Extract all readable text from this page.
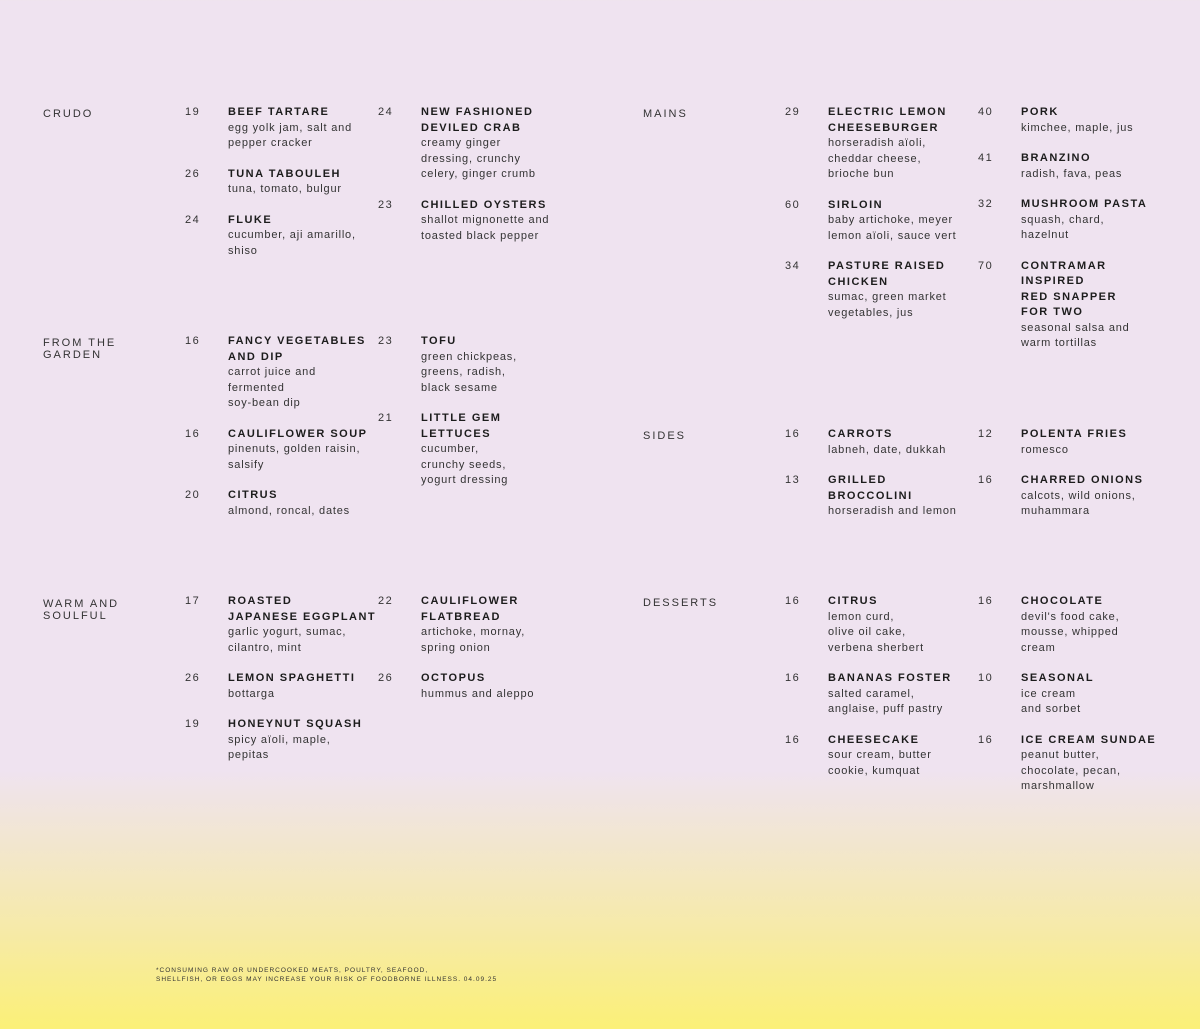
CRUDO
FROM THE
GARDEN
WARM AND
SOULFUL
MAINS
SIDES
DESSERTS
19	BEEF TARTARE
egg yolk jam, salt and
pepper cracker
26	TUNA TABOULEH
tuna, tomato, bulgur
24	FLUKE
cucumber, aji amarillo,
shiso
24	NEW FASHIONED
DEVILED CRAB
creamy ginger
dressing, crunchy
celery, ginger crumb
23	CHILLED OYSTERS
shallot mignonette and
toasted black pepper
16	FANCY VEGETABLES
AND DIP
carrot juice and
fermented
soy-bean dip
16	CAULIFLOWER SOUP
pinenuts, golden raisin,
salsify
20	CITRUS
almond, roncal, dates
23	TOFU
green chickpeas,
greens, radish,
black sesame
21	LITTLE GEM
LETTUCES
cucumber,
crunchy seeds,
yogurt dressing
17	ROASTED
JAPANESE EGGPLANT
garlic yogurt, sumac,
cilantro, mint
26	LEMON SPAGHETTI
bottarga
19	HONEYNUT SQUASH
spicy aïoli, maple,
pepitas
22	CAULIFLOWER
FLATBREAD
artichoke, mornay,
spring onion
26	OCTOPUS
hummus and aleppo
29	ELECTRIC LEMON
CHEESEBURGER
horseradish aïoli,
cheddar cheese,
brioche bun
60	SIRLOIN
baby artichoke, meyer
lemon aïoli, sauce vert
34	PASTURE RAISED
CHICKEN
sumac, green market
vegetables, jus
40	PORK
kimchee, maple, jus
41	BRANZINO
radish, fava, peas
32	MUSHROOM PASTA
squash, chard,
hazelnut
70	CONTRAMAR
INSPIRED
RED SNAPPER
FOR TWO
seasonal salsa and
warm tortillas
16	CARROTS
labneh, date, dukkah
13	GRILLED
BROCCOLINI
horseradish and lemon
12	POLENTA FRIES
romesco
16	CHARRED ONIONS
calcots, wild onions,
muhammara
16	CITRUS
lemon curd,
olive oil cake,
verbena sherbert
16	BANANAS FOSTER
salted caramel,
anglaise, puff pastry
16	CHEESECAKE
sour cream, butter
cookie, kumquat
16	CHOCOLATE
devil's food cake,
mousse, whipped
cream
10	SEASONAL
ice cream
and sorbet
16	ICE CREAM SUNDAE
peanut butter,
chocolate, pecan,
marshmallow
*CONSUMING RAW OR UNDERCOOKED MEATS, POULTRY, SEAFOOD,
SHELLFISH, OR EGGS MAY INCREASE YOUR RISK OF FOODBORNE ILLNESS. 04.09.25
